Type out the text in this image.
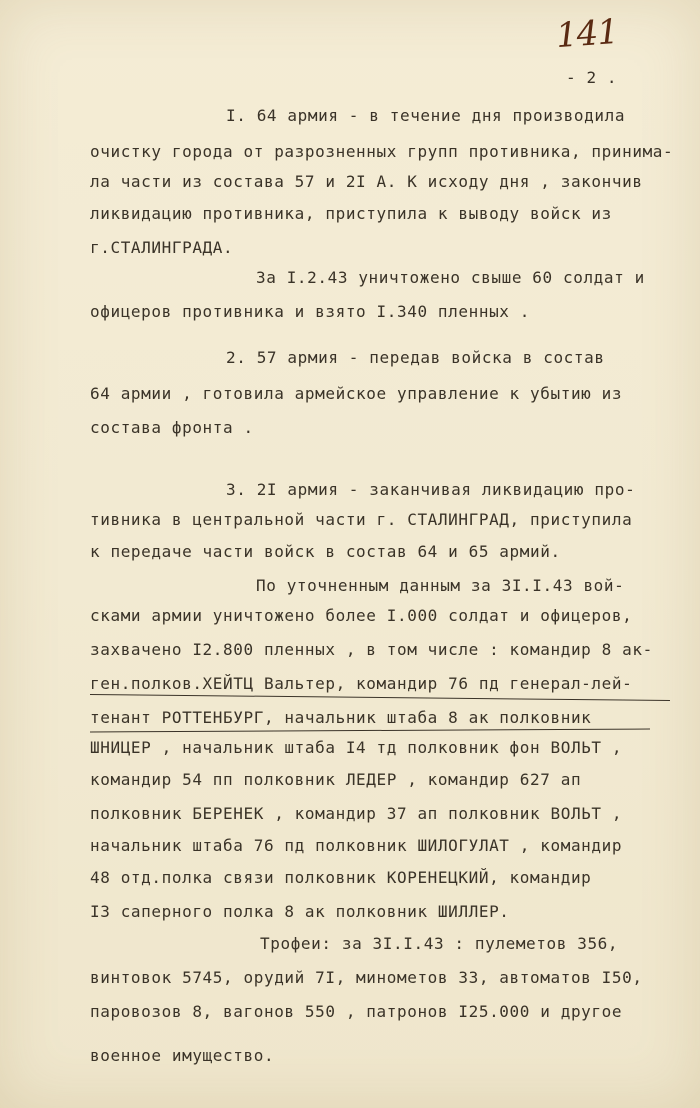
141
- 2 .
I. 64 армия - в течение дня производила
очистку города от разрозненных групп противника, принима-
ла части из состава 57 и 2I А. К исходу дня , закончив
ликвидацию противника, приступила к выводу войск из
г.СТАЛИНГРАДА.
За I.2.43 уничтожено свыше 60 солдат и
офицеров противника и взято I.340 пленных .
2. 57 армия - передав войска в состав
64 армии , готовила армейское управление к убытию из
состава фронта .
3. 2I армия - заканчивая ликвидацию про-
тивника в центральной части г. СТАЛИНГРАД, приступила
к передаче части войск в состав 64 и 65 армий.
По уточненным данным за 3I.I.43 вой-
сками армии уничтожено более I.000 солдат и офицеров,
захвачено I2.800 пленных , в том числе : командир 8 ак-
ген.полков.ХЕЙТЦ Вальтер, командир 76 пд генерал-лей-
тенант РОТТЕНБУРГ, начальник штаба 8 ак полковник
ШНИЦЕР , начальник штаба I4 тд полковник фон ВОЛЬТ ,
командир 54 пп полковник ЛЕДЕР , командир 627 ап
полковник БЕРЕНЕК , командир 37 ап полковник ВОЛЬТ ,
начальник штаба 76 пд полковник ШИЛОГУЛАТ , командир
48 отд.полка связи полковник КОРЕНЕЦКИЙ, командир
I3 саперного полка 8 ак полковник ШИЛЛЕР.
Трофеи: за 3I.I.43 : пулеметов 356,
винтовок 5745, орудий 7I, минометов 33, автоматов I50,
паровозов 8, вагонов 550 , патронов I25.000 и другое
военное имущество.
